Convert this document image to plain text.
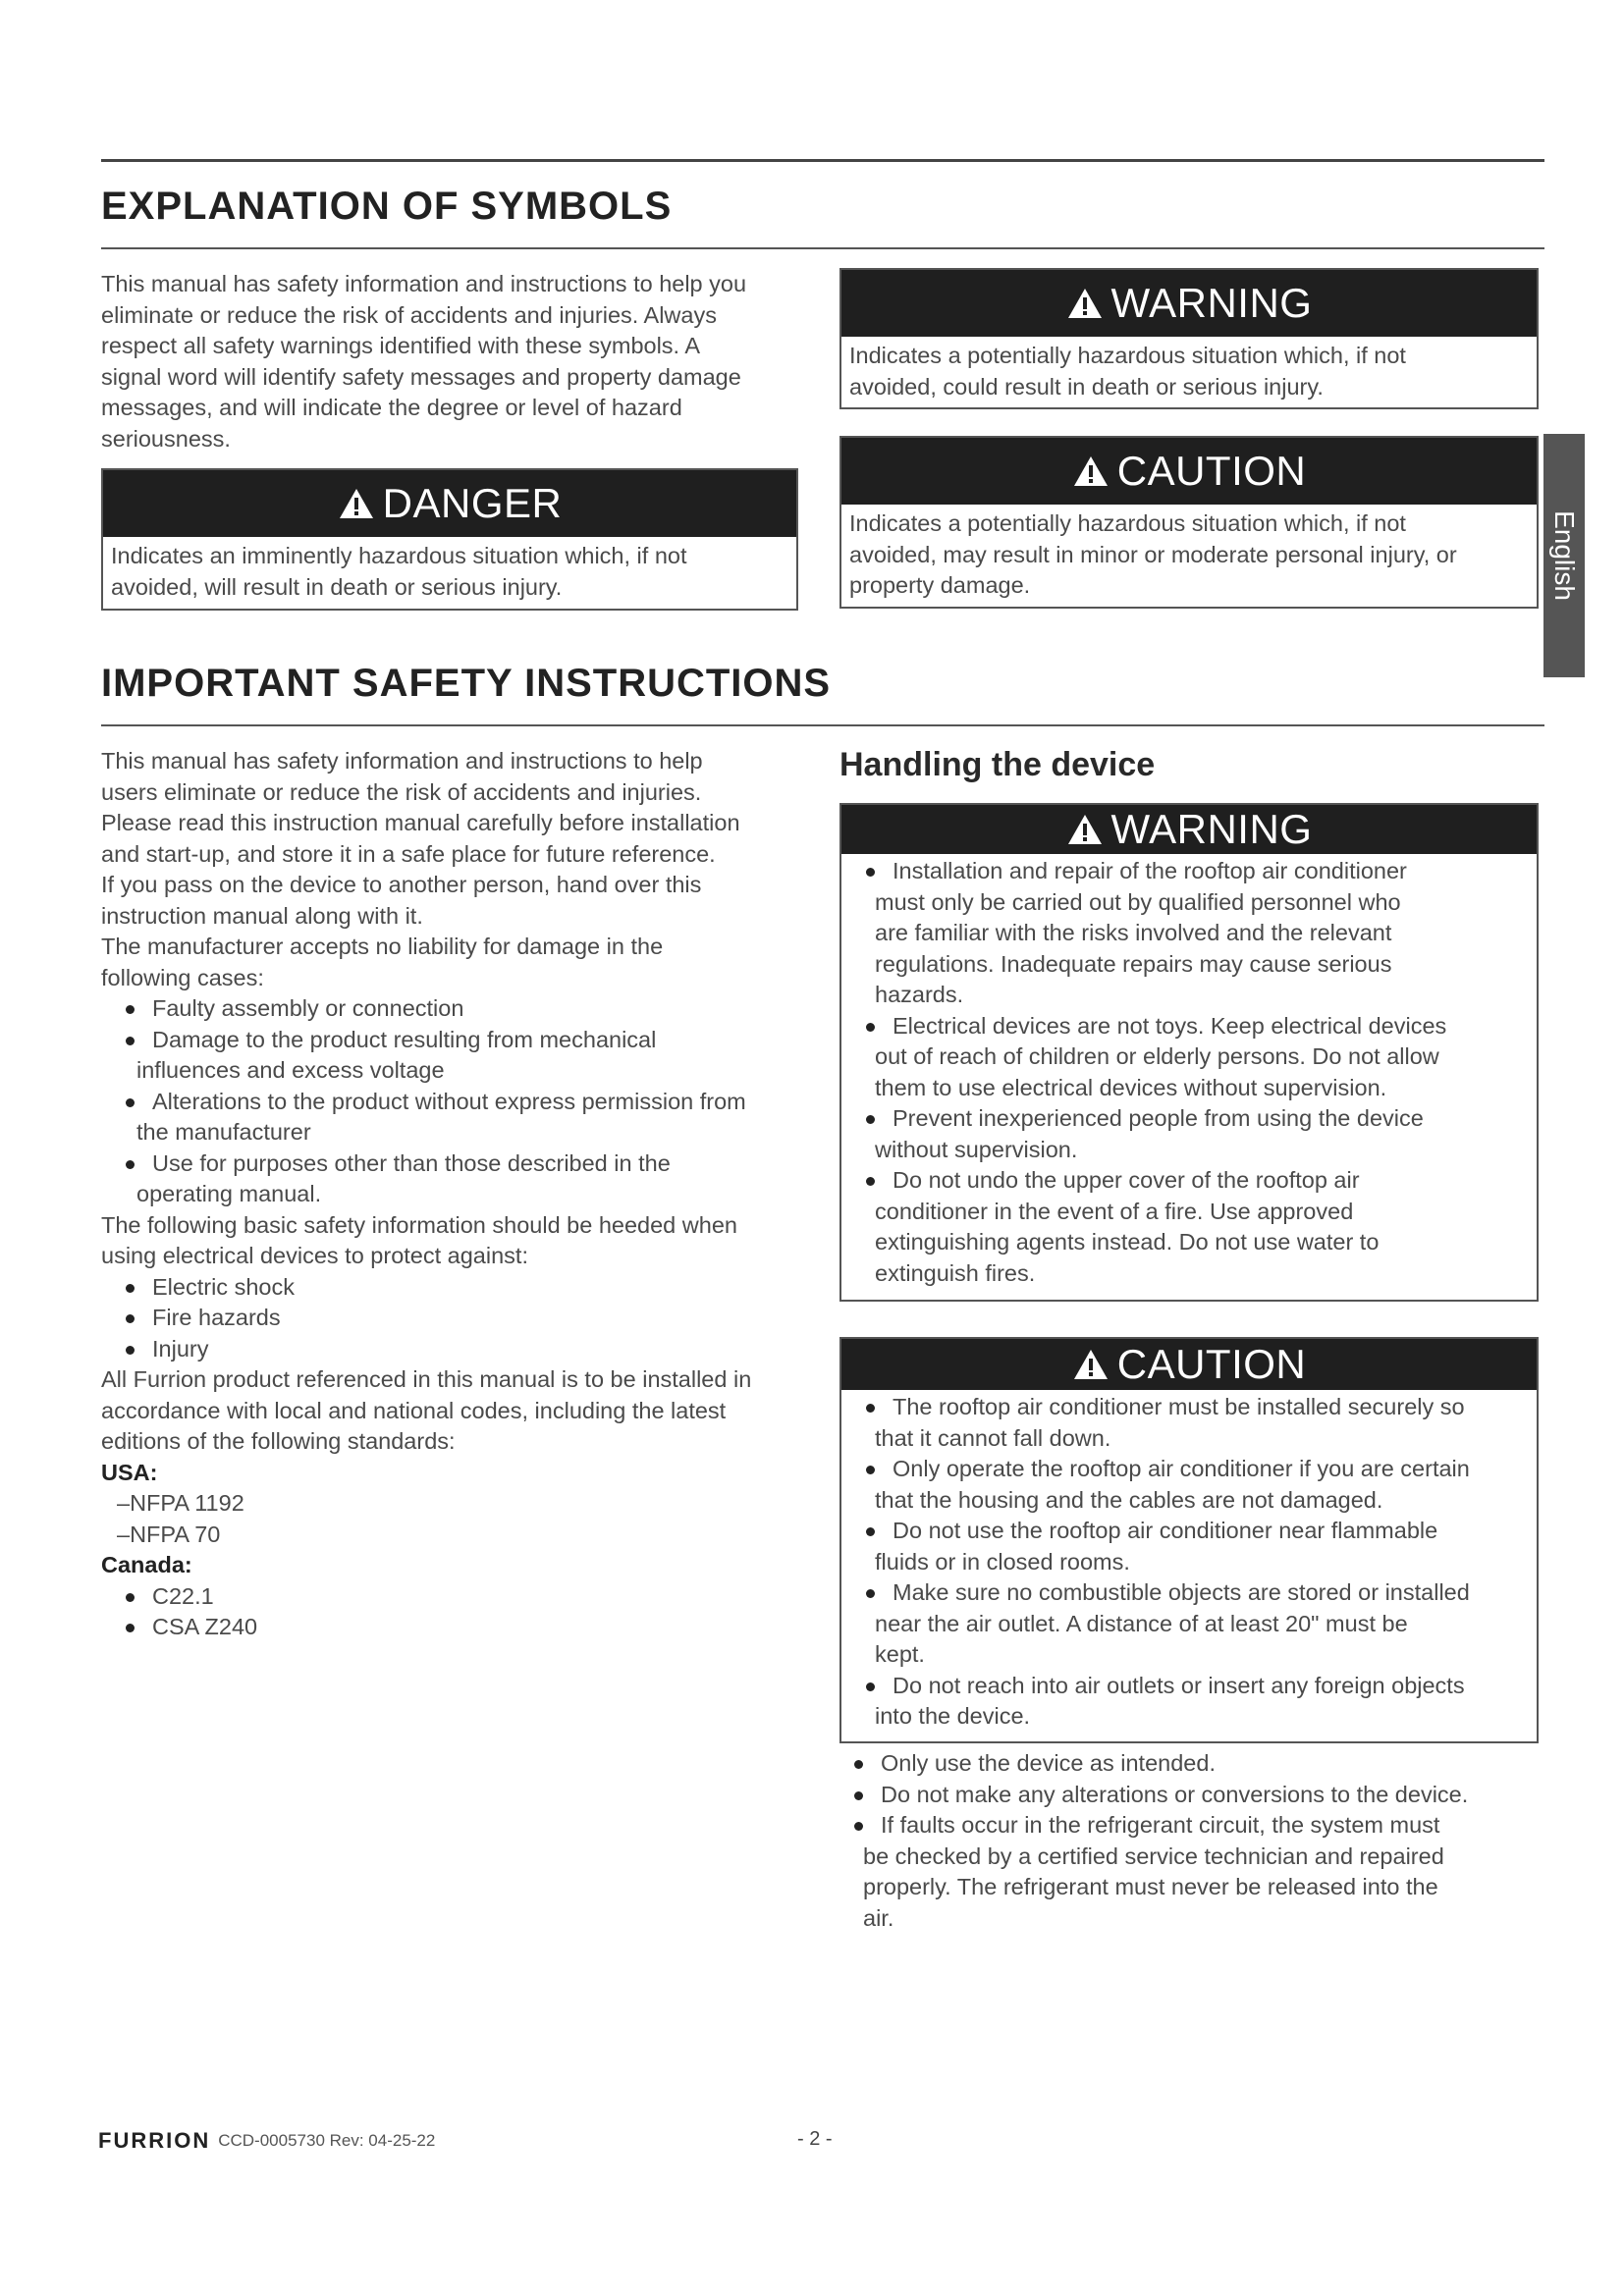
EXPLANATION OF SYMBOLS

This manual has safety information and instructions to help you

eliminate or reduce the risk of accidents and injuries. Always

respect all safety warnings identified with these symbols. A

signal word will identify safety messages and property damage

messages, and will indicate the degree or level of hazard

seriousness.

DANGER

Indicates an imminently hazardous situation which, if not

avoided, will result in death or serious injury.

WARNING

Indicates a potentially hazardous situation which, if not

avoided, could result in death or serious injury.

CAUTION

Indicates a potentially hazardous situation which, if not

avoided, may result in minor or moderate personal injury, or

property damage.	English
IMPORTANT SAFETY INSTRUCTIONS

This manual has safety information and instructions to help

users eliminate or reduce the risk of accidents and injuries.

Please read this instruction manual carefully before installation

and start-up, and store it in a safe place for future reference.

If you pass on the device to another person, hand over this

instruction manual along with it.

The manufacturer accepts no liability for damage in the

following cases:

Faulty assembly or connection
Damage to the product resulting from mechanical
influences and excess voltage
Alterations to the product without express permission from
the manufacturer
Use for purposes other than those described in the
operating manual.

The following basic safety information should be heeded when

using electrical devices to protect against:

Electric shock
Fire hazards
Injury

All Furrion product referenced in this manual is to be installed in

accordance with local and national codes, including the latest

editions of the following standards:

USA:

–NFPA 1192

–NFPA 70

Canada:

C22.1
CSA Z240
Handling the device
WARNING
Installation and repair of the rooftop air conditioner
must only be carried out by qualified personnel who
are familiar with the risks involved and the relevant
regulations. Inadequate repairs may cause serious
hazards.
Electrical devices are not toys. Keep electrical devices
out of reach of children or elderly persons. Do not allow
them to use electrical devices without supervision.
Prevent inexperienced people from using the device
without supervision.
Do not undo the upper cover of the rooftop air
conditioner in the event of a fire. Use approved
extinguishing agents instead. Do not use water to
extinguish fires.
CAUTION
The rooftop air conditioner must be installed securely so
that it cannot fall down.
Only operate the rooftop air conditioner if you are certain
that the housing and the cables are not damaged.
Do not use the rooftop air conditioner near flammable
fluids or in closed rooms.
Make sure no combustible objects are stored or installed
near the air outlet. A distance of at least 20" must be
kept.
Do not reach into air outlets or insert any foreign objects
into the device.
Only use the device as intended.
Do not make any alterations or conversions to the device.
If faults occur in the refrigerant circuit, the system must
be checked by a certified service technician and repaired
properly. The refrigerant must never be released into the
air.
FURRION CCD-0005730 Rev: 04-25-22	- 2 -
